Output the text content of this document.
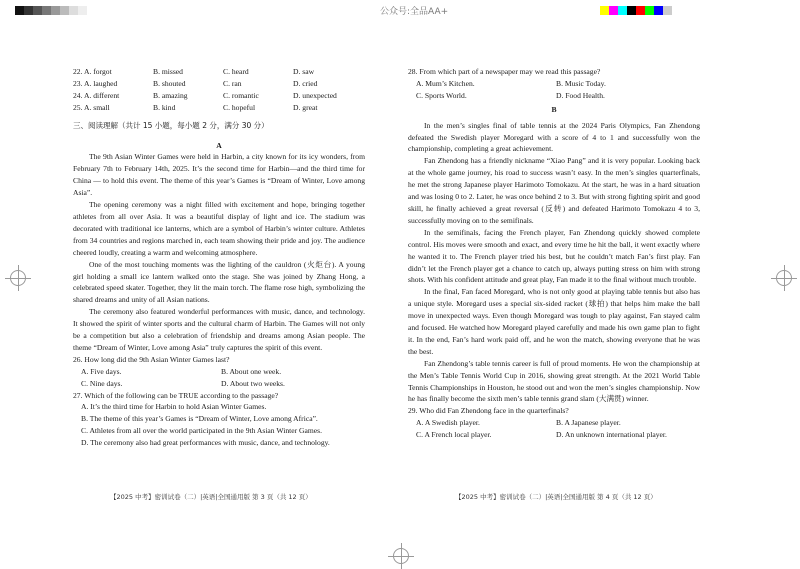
公众号:全品AA+
22. A. forgot	B. missed	C. heard	D. saw
23. A. laughed	B. shouted	C. ran	D. cried
24. A. different	B. amazing	C. romantic	D. unexpected
25. A. small	B. kind	C. hopeful	D. great
三、阅读理解（共计 15 小题，每小题 2 分，满分 30 分）
A

The 9th Asian Winter Games were held in Harbin, a city known for its icy wonders, from February 7th to February 14th, 2025. It’s the second time for Harbin—and the third time for China — to hold this event. The theme of this year’s Games is “Dream of Winter, Love among Asia”.

The opening ceremony was a night filled with excitement and hope, bringing together athletes from all over Asia. It was a beautiful display of light and ice. The stadium was decorated with traditional ice lanterns, which are a symbol of Harbin’s winter culture. Athletes from 34 countries and regions marched in, each team showing their pride and joy. The audience cheered loudly, creating a warm and welcoming atmosphere.

One of the most touching moments was the lighting of the cauldron (火炬台). A young girl holding a small ice lantern walked onto the stage. She was joined by Zhang Hong, a celebrated speed skater. Together, they lit the main torch. The flame rose high, symbolizing the shared dreams and unity of all Asian nations.

The ceremony also featured wonderful performances with music, dance, and technology. It showed the spirit of winter sports and the cultural charm of Harbin. The Games will not only be a competition but also a celebration of friendship and dreams among Asian people. The theme “Dream of Winter, Love among Asia” truly captures the spirit of this event.

26. How long did the 9th Asian Winter Games last?
A. Five days.	B. About one week.
C. Nine days.	D. About two weeks.
27. Which of the following can be TRUE according to the passage?
A. It’s the third time for Harbin to hold Asian Winter Games.
B. The theme of this year’s Games is “Dream of Winter, Love among Africa”.
C. Athletes from all over the world participated in the 9th Asian Winter Games.
D. The ceremony also had great performances with music, dance, and technology.
【2025 中考】密训试卷（二）|英语|全国通用版 第 3 页（共 12 页）
28. From which part of a newspaper may we read this passage?
A. Mum’s Kitchen.	B. Music Today.
C. Sports World.	D. Food Health.
B

In the men’s singles final of table tennis at the 2024 Paris Olympics, Fan Zhendong defeated the Swedish player Moregard with a score of 4 to 1 and successfully won the championship, completing a great achievement.

Fan Zhendong has a friendly nickname “Xiao Pang” and it is very popular. Looking back at the whole game journey, his road to success wasn’t easy. In the men’s singles quarterfinals, he met the strong Japanese player Harimoto Tomokazu. At the start, he was in a hard situation and was losing 0 to 2. Later, he was once behind 2 to 3. But with strong fighting spirit and good skill, he finally achieved a great reversal (反转) and defeated Harimoto Tomokazu 4 to 3, successfully moving on to the semifinals.

In the semifinals, facing the French player, Fan Zhendong quickly showed complete control. His moves were smooth and exact, and every time he hit the ball, it went exactly where he wanted it to. The French player tried his best, but he couldn’t match Fan’s first play. Fan didn’t let the French player get a chance to catch up, always putting stress on him with strong shots. With his confident attitude and great play, Fan made it to the final without much trouble.

In the final, Fan faced Moregard, who is not only good at playing table tennis but also has a unique style. Moregard uses a special six-sided racket (球拍) that helps him make the ball move in unexpected ways. Even though Moregard was tough to play against, Fan stayed calm and focused. He watched how Moregard played carefully and made his own game plan to fight it. In the end, Fan’s hard work paid off, and he won the match, showing everyone that he was the best.

Fan Zhendong’s table tennis career is full of proud moments. He won the championship at the Men’s Table Tennis World Cup in 2016, showing great strength. At the 2021 World Table Tennis Championships in Houston, he stood out and won the men’s singles championship. Now he has finally become the sixth men’s table tennis grand slam (大满贯) winner.

29. Who did Fan Zhendong face in the quarterfinals?
A. A Swedish player.	B. A Japanese player.
C. A French local player.	D. An unknown international player.
【2025 中考】密训试卷（二）|英语|全国通用版 第 4 页（共 12 页）
